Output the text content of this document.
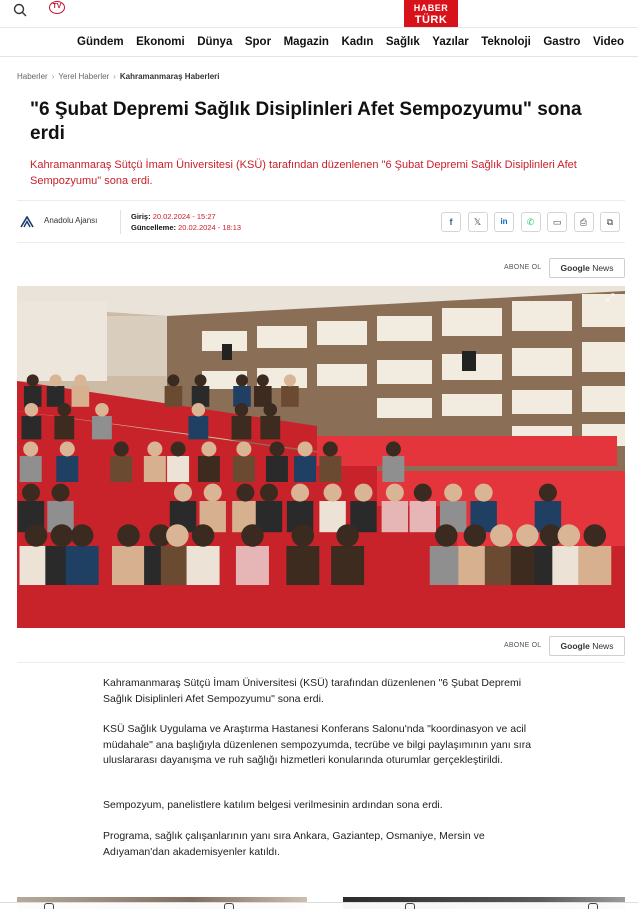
TV	HABER
TÜRK
Gündem Ekonomi Dünya Spor Magazin Kadın Sağlık Yazılar Teknoloji Gastro Video
Haberler › Yerel Haberler › Kahramanmaraş Haberleri
"6 Şubat Depremi Sağlık Disiplinleri Afet Sempozyumu" sona erdi

Kahramanmaraş Sütçü İmam Üniversitesi (KSÜ) tarafından düzenlenen "6 Şubat Depremi Sağlık Disiplinleri Afet Sempozyumu" sona erdi.

Anadolu Ajansı	Giriş: 20.02.2024 - 15:27
Güncelleme: 20.02.2024 - 18:13
f	𝕏	in	✆	▭	⎙	⧉
ABONE OL Google
News
⤢
ABONE OL Google
News

Kahramanmaraş Sütçü İmam Üniversitesi (KSÜ) tarafından düzenlenen "6 Şubat Depremi Sağlık Disiplinleri Afet Sempozyumu" sona erdi.

KSÜ Sağlık Uygulama ve Araştırma Hastanesi Konferans Salonu'nda "koordinasyon ve acil müdahale" ana başlığıyla düzenlenen sempozyumda, tecrübe ve bilgi paylaşımının yanı sıra uluslararası dayanışma ve ruh sağlığı hizmetleri konularında oturumlar gerçekleştirildi.

Sempozyum, panelistlere katılım belgesi verilmesinin ardından sona erdi.

Programa, sağlık çalışanlarının yanı sıra Ankara, Gaziantep, Osmaniye, Mersin ve Adıyaman'dan akademisyenler katıldı.
